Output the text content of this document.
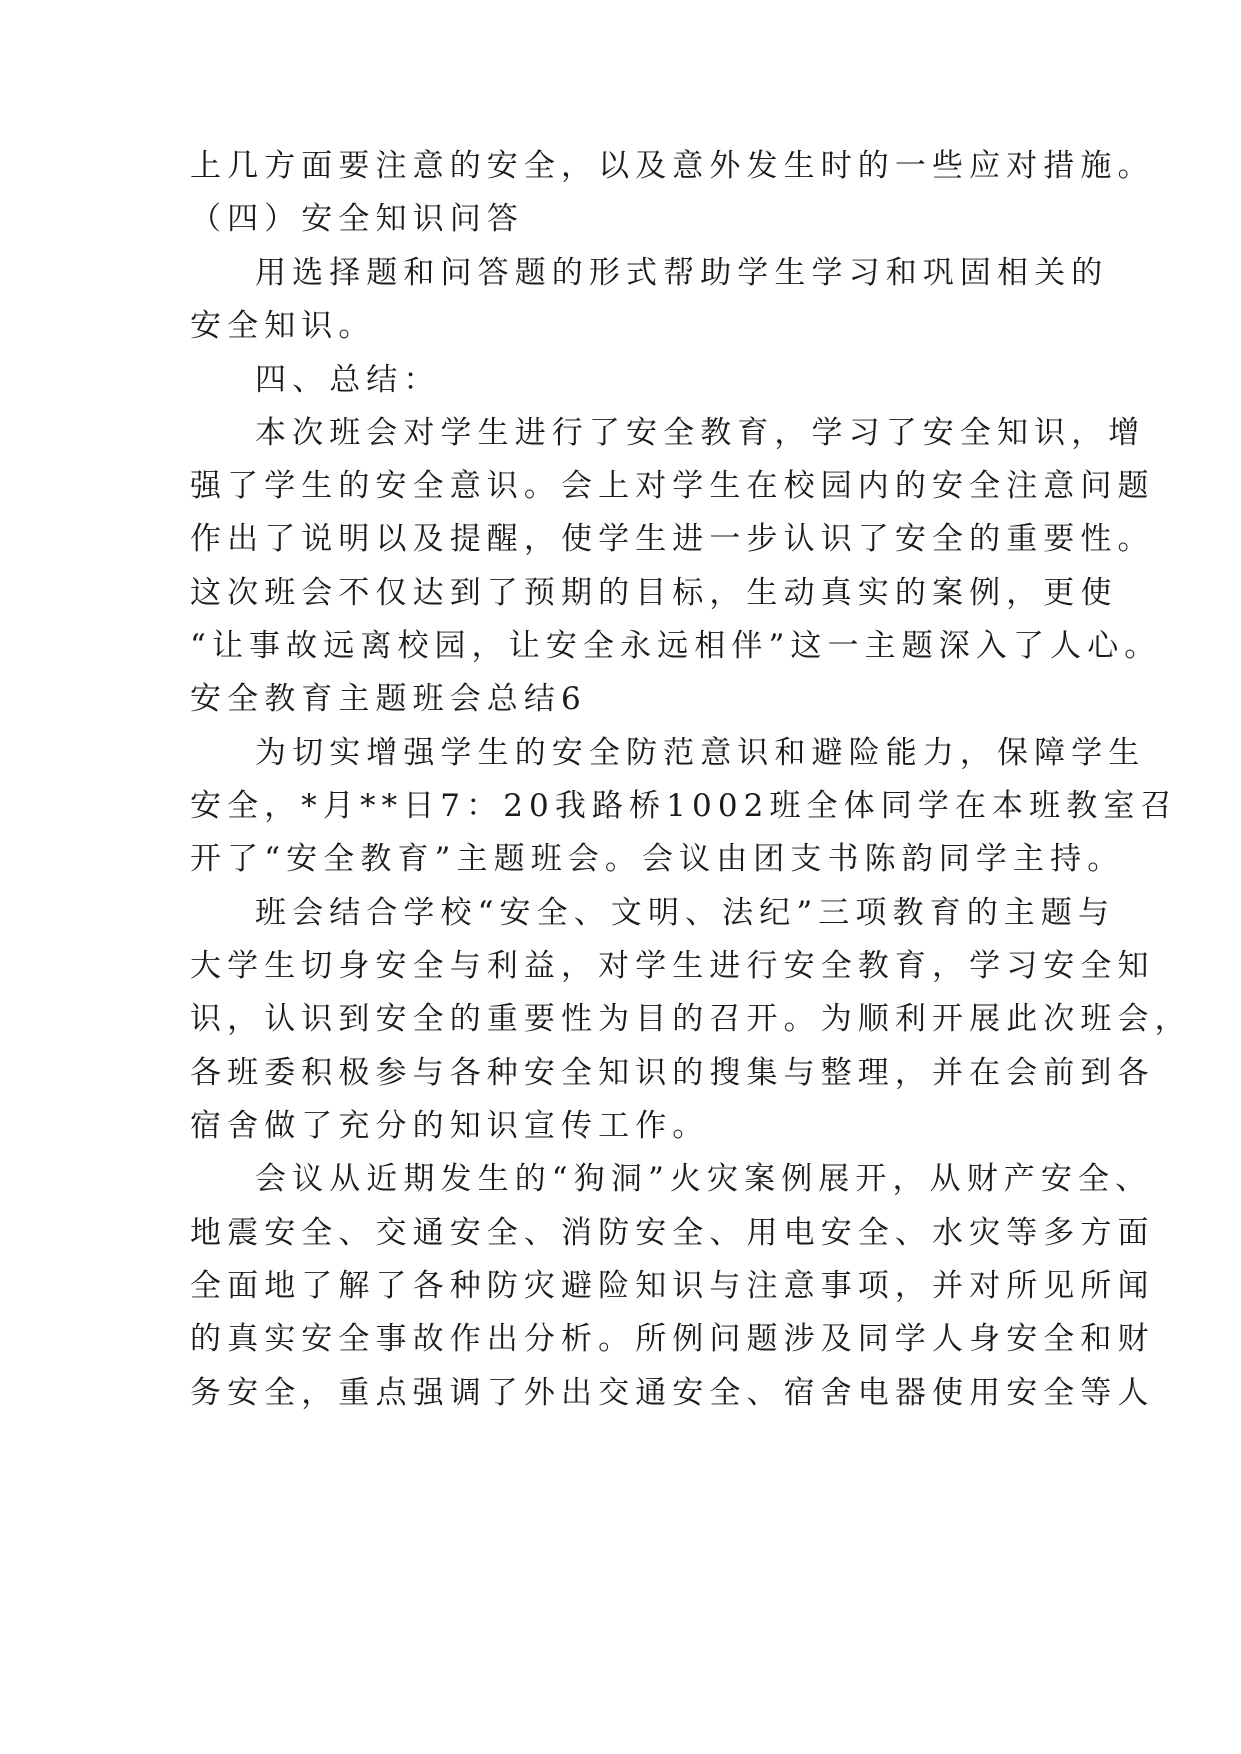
上几方面要注意的安全，以及意外发生时的一些应对措施。
（四）安全知识问答
用选择题和问答题的形式帮助学生学习和巩固相关的
安全知识。
四、总结：
本次班会对学生进行了安全教育，学习了安全知识，增
强了学生的安全意识。会上对学生在校园内的安全注意问题
作出了说明以及提醒，使学生进一步认识了安全的重要性。
这次班会不仅达到了预期的目标，生动真实的案例，更使
“让事故远离校园，让安全永远相伴”这一主题深入了人心。
安全教育主题班会总结6
为切实增强学生的安全防范意识和避险能力，保障学生
安全，*月**日7：20我路桥1002班全体同学在本班教室召
开了“安全教育”主题班会。会议由团支书陈韵同学主持。
班会结合学校“安全、文明、法纪”三项教育的主题与
大学生切身安全与利益，对学生进行安全教育，学习安全知
识，认识到安全的重要性为目的召开。为顺利开展此次班会，
各班委积极参与各种安全知识的搜集与整理，并在会前到各
宿舍做了充分的知识宣传工作。
会议从近期发生的“狗洞”火灾案例展开，从财产安全、
地震安全、交通安全、消防安全、用电安全、水灾等多方面
全面地了解了各种防灾避险知识与注意事项，并对所见所闻
的真实安全事故作出分析。所例问题涉及同学人身安全和财
务安全，重点强调了外出交通安全、宿舍电器使用安全等人
